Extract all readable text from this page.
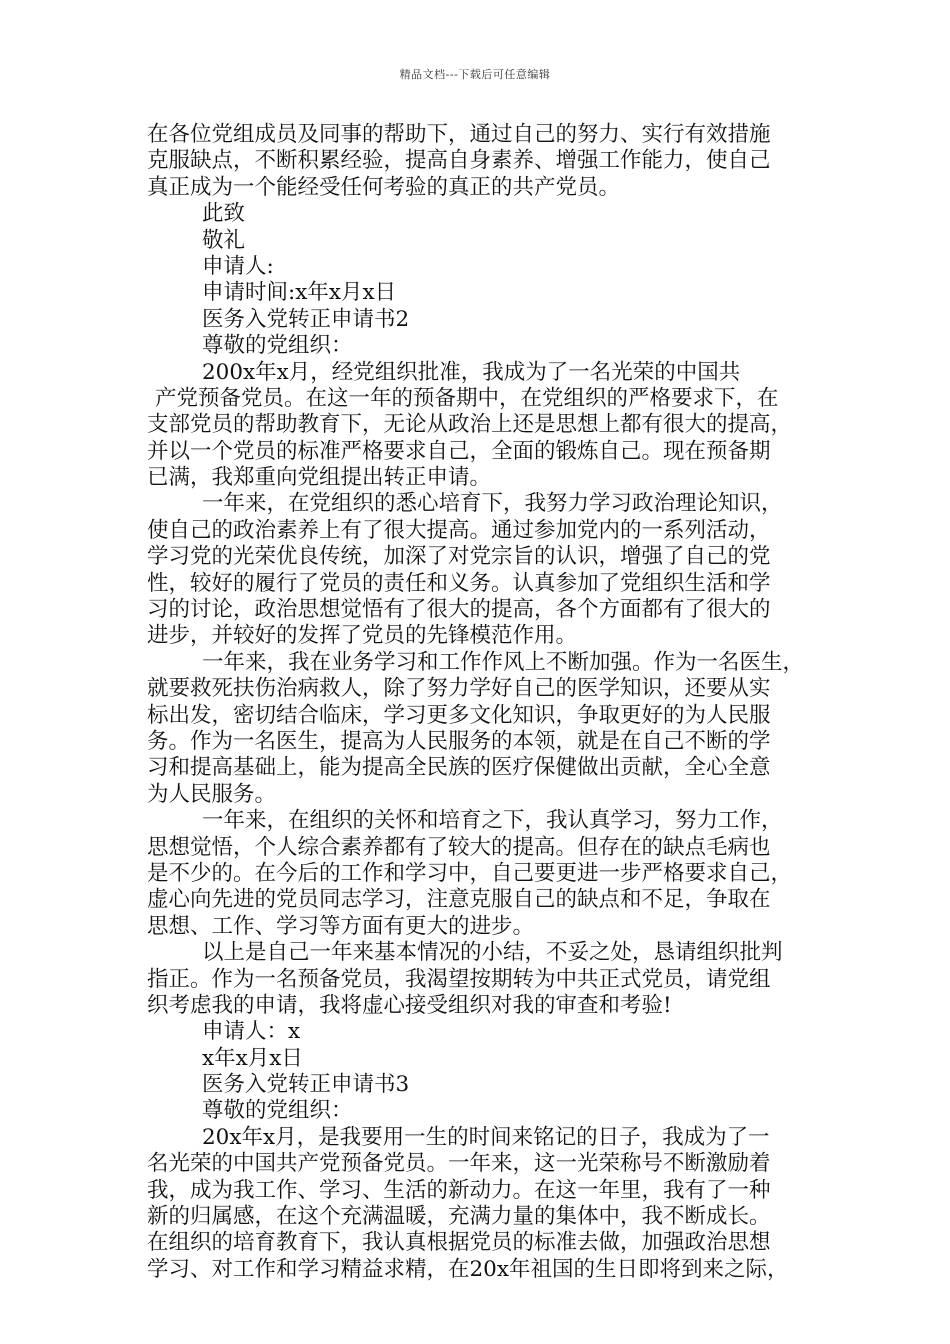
精品文档---下载后可任意编辑
在各位党组成员及同事的帮助下，通过自己的努力、实行有效措施
克服缺点，不断积累经验，提高自身素养、增强工作能力，使自己
真正成为一个能经受任何考验的真正的共产党员。
此致
敬礼
申请人:
申请时间:x年x月x日
医务入党转正申请书2
尊敬的党组织：
200x年x月，经党组织批准，我成为了一名光荣的中国共
产党预备党员。在这一年的预备期中，在党组织的严格要求下，在
支部党员的帮助教育下，无论从政治上还是思想上都有很大的提高，
并以一个党员的标准严格要求自己，全面的锻炼自己。现在预备期
已满，我郑重向党组提出转正申请。
一年来，在党组织的悉心培育下，我努力学习政治理论知识，
使自己的政治素养上有了很大提高。通过参加党内的一系列活动，
学习党的光荣优良传统，加深了对党宗旨的认识，增强了自己的党
性，较好的履行了党员的责任和义务。认真参加了党组织生活和学
习的讨论，政治思想觉悟有了很大的提高，各个方面都有了很大的
进步，并较好的发挥了党员的先锋模范作用。
一年来，我在业务学习和工作作风上不断加强。作为一名医生，
就要救死扶伤治病救人，除了努力学好自己的医学知识，还要从实
标出发，密切结合临床，学习更多文化知识，争取更好的为人民服
务。作为一名医生，提高为人民服务的本领，就是在自己不断的学
习和提高基础上，能为提高全民族的医疗保健做出贡献，全心全意
为人民服务。
一年来，在组织的关怀和培育之下，我认真学习，努力工作，
思想觉悟，个人综合素养都有了较大的提高。但存在的缺点毛病也
是不少的。在今后的工作和学习中，自己要更进一步严格要求自己，
虚心向先进的党员同志学习，注意克服自己的缺点和不足，争取在
思想、工作、学习等方面有更大的进步。
以上是自己一年来基本情况的小结，不妥之处，恳请组织批判
指正。作为一名预备党员，我渴望按期转为中共正式党员，请党组
织考虑我的申请，我将虚心接受组织对我的审查和考验!
申请人：x
x年x月x日
医务入党转正申请书3
尊敬的党组织：
20x年x月，是我要用一生的时间来铭记的日子，我成为了一
名光荣的中国共产党预备党员。一年来，这一光荣称号不断激励着
我，成为我工作、学习、生活的新动力。在这一年里，我有了一种
新的归属感，在这个充满温暖，充满力量的集体中，我不断成长。
在组织的培育教育下，我认真根据党员的标准去做，加强政治思想
学习、对工作和学习精益求精，在20x年祖国的生日即将到来之际，
